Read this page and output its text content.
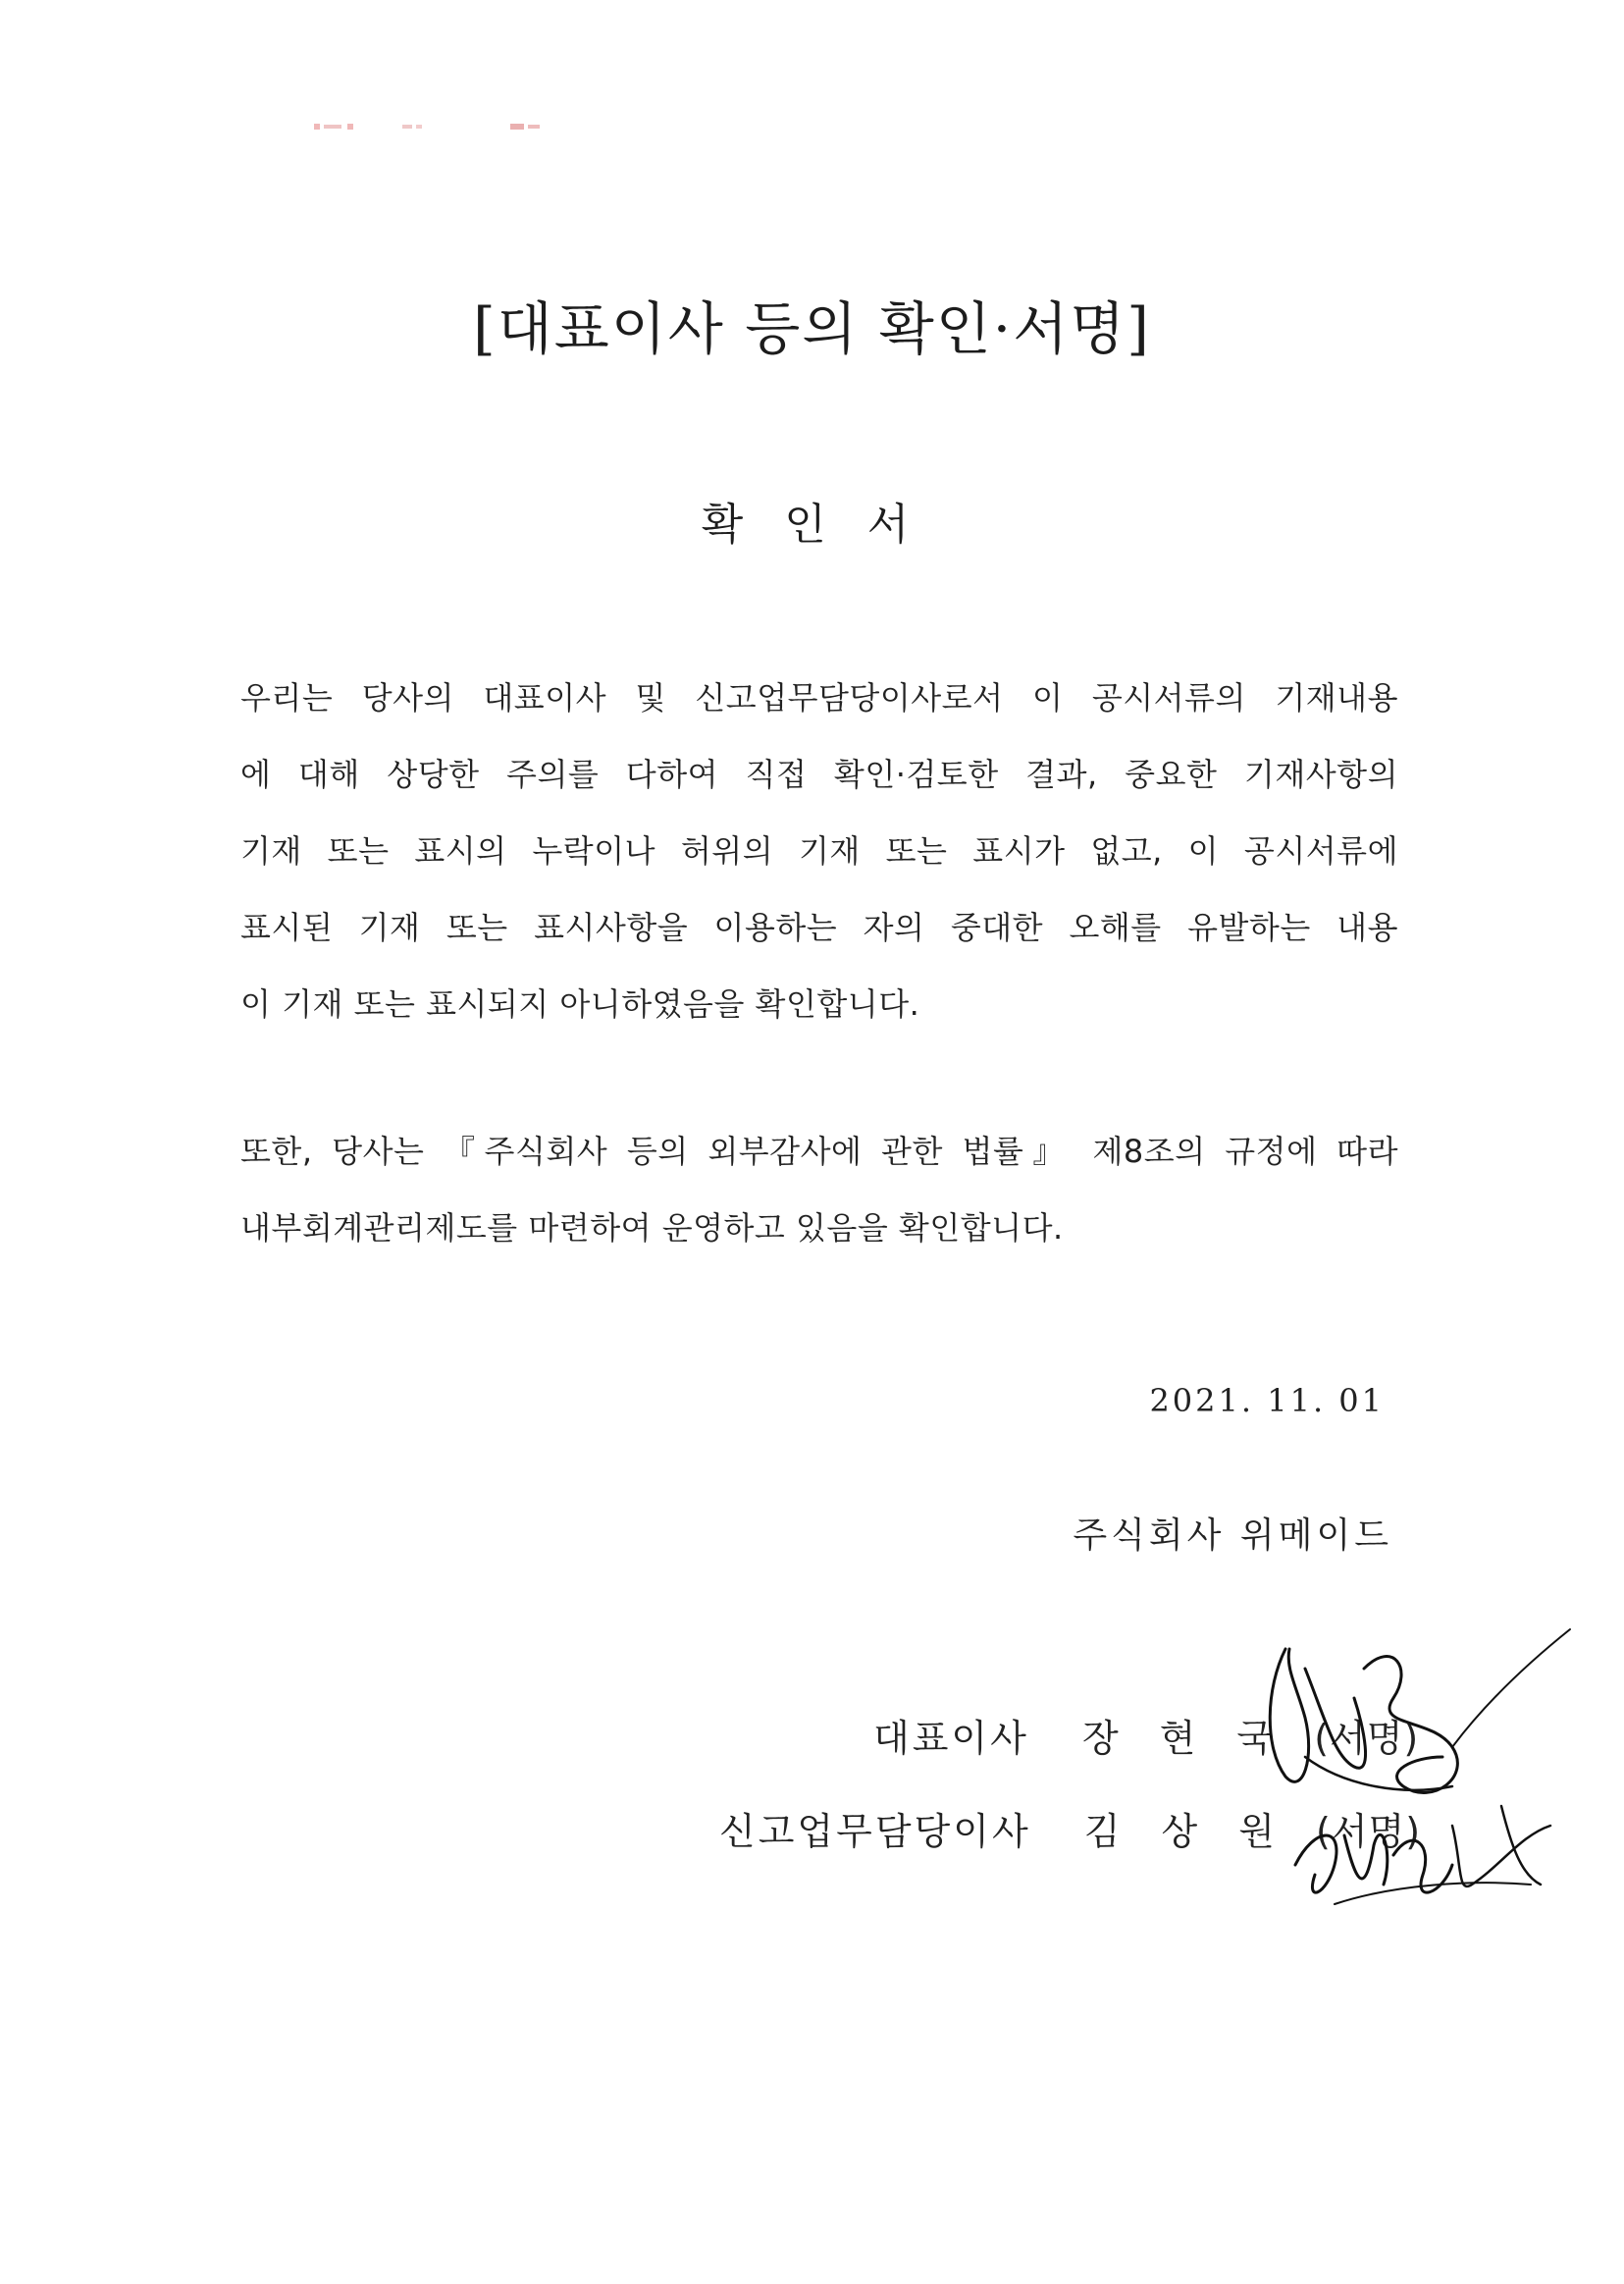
[대표이사 등의 확인·서명]
확 인 서
우리는 당사의 대표이사 및 신고업무담당이사로서 이 공시서류의 기재내용
에 대해 상당한 주의를 다하여 직접 확인·검토한 결과, 중요한 기재사항의
기재 또는 표시의 누락이나 허위의 기재 또는 표시가 없고, 이 공시서류에
표시된 기재 또는 표시사항을 이용하는 자의 중대한 오해를 유발하는 내용
이 기재 또는 표시되지 아니하였음을 확인합니다.
또한, 당사는 『주식회사 등의 외부감사에 관한 법률』 제8조의 규정에 따라
내부회계관리제도를 마련하여 운영하고 있음을 확인합니다.
2021. 11. 01
주식회사 위메이드
대표이사 장 현 국 (서명)
신고업무담당이사 김 상 원 (서명)
